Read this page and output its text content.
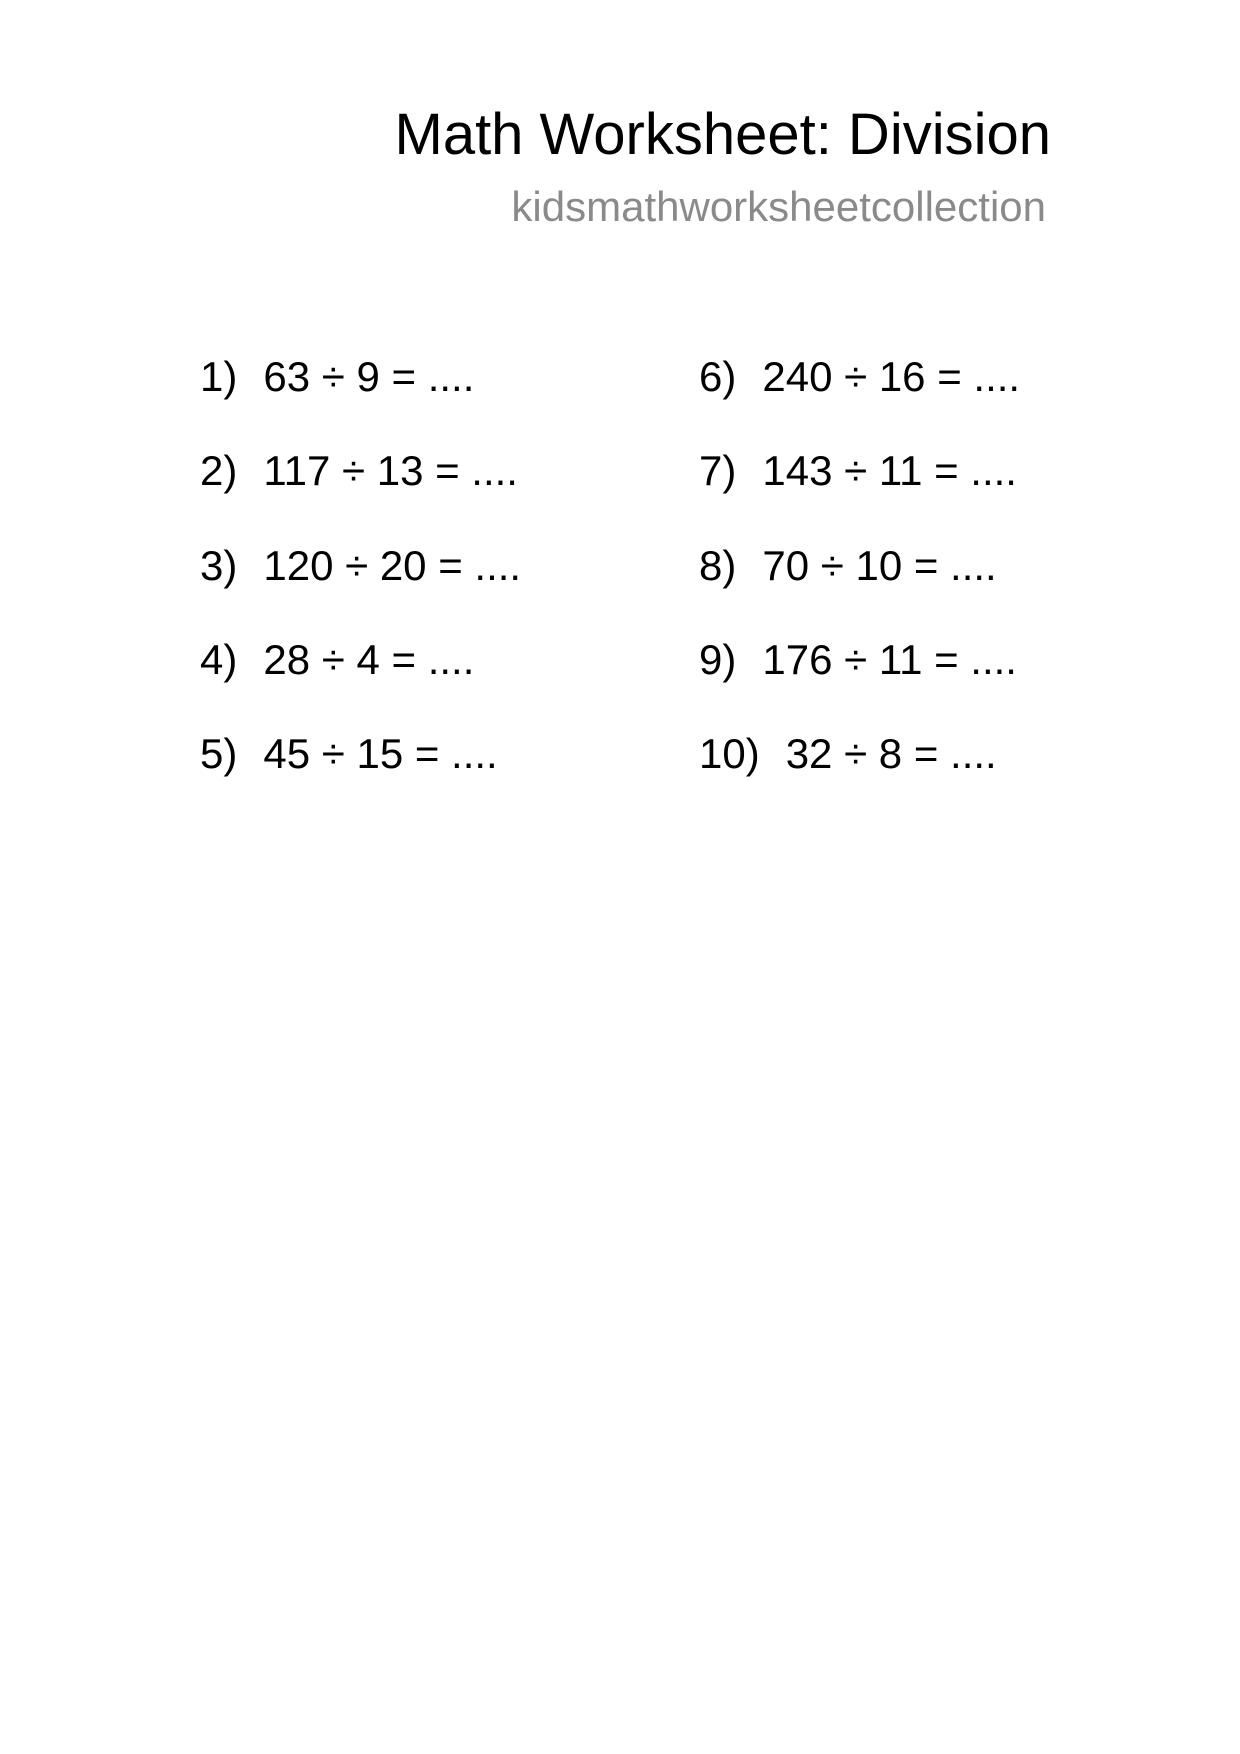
Math Worksheet: Division
kidsmathworksheetcollection
1) 63 ÷ 9 = ....
2) 117 ÷ 13 = ....
3) 120 ÷ 20 = ....
4) 28 ÷ 4 = ....
5) 45 ÷ 15 = ....
6) 240 ÷ 16 = ....
7) 143 ÷ 11 = ....
8) 70 ÷ 10 = ....
9) 176 ÷ 11 = ....
10) 32 ÷ 8 = ....
